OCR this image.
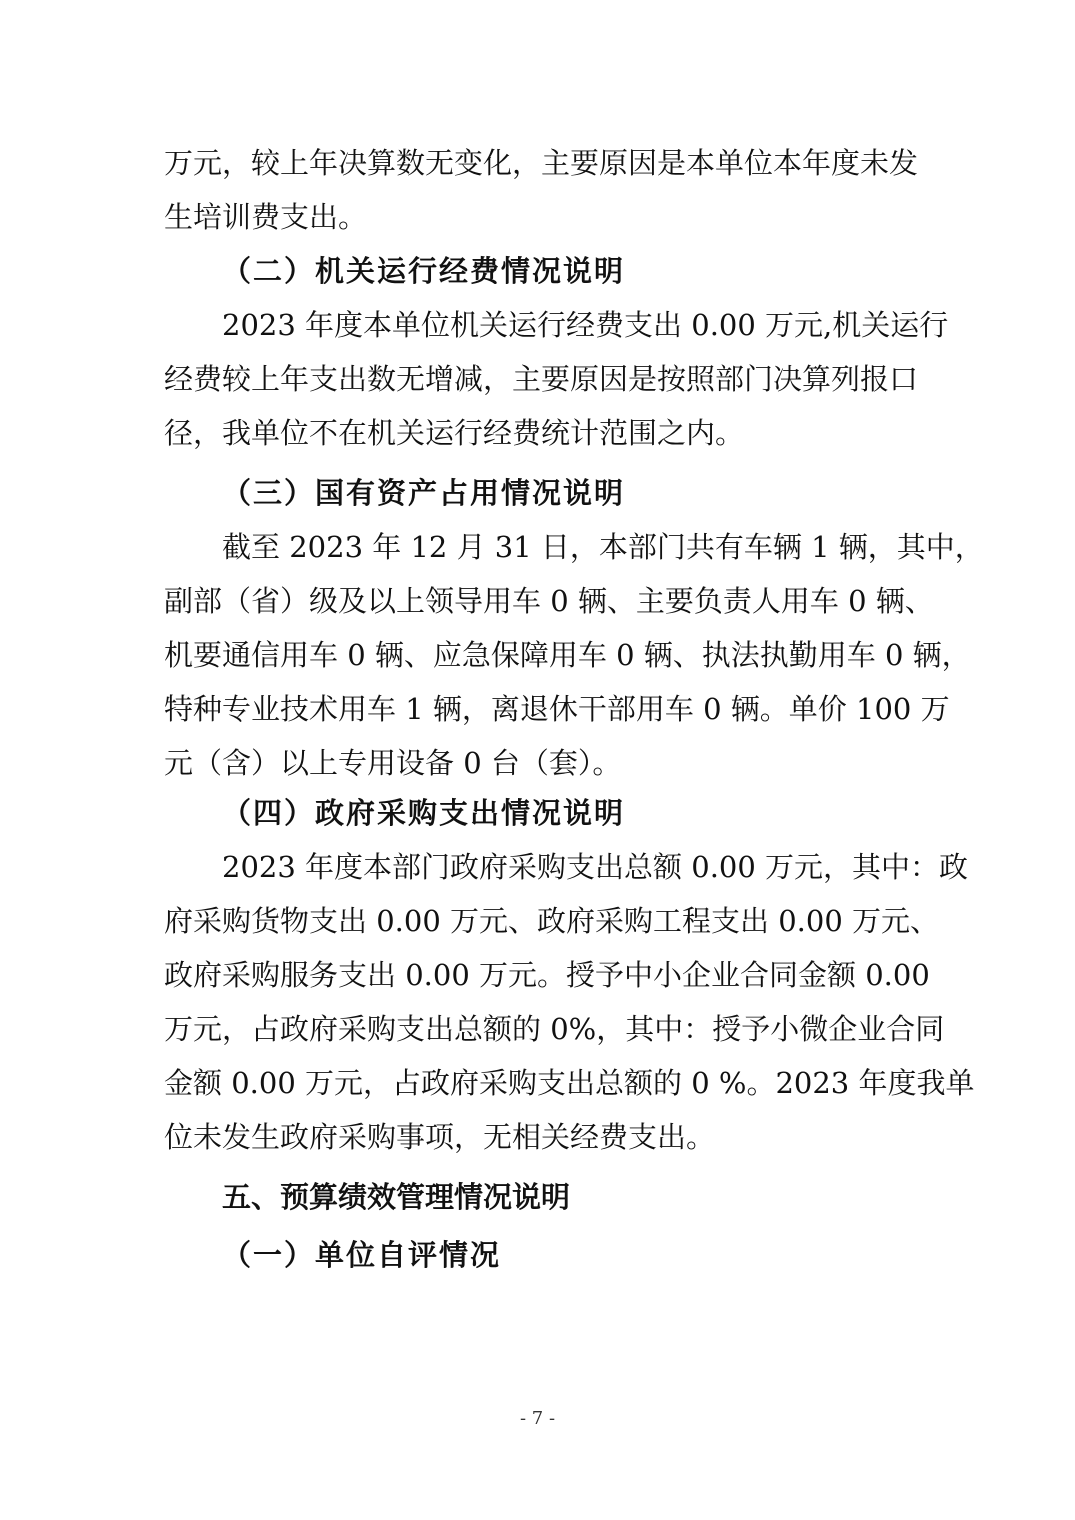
万元，较上年决算数无变化，主要原因是本单位本年度未发
生培训费支出。
（二）机关运行经费情况说明
2023 年度本单位机关运行经费支出 0.00 万元,机关运行
经费较上年支出数无增减，主要原因是按照部门决算列报口
径，我单位不在机关运行经费统计范围之内。
（三）国有资产占用情况说明
截至 2023 年 12 月 31 日，本部门共有车辆 1 辆，其中，
副部（省）级及以上领导用车 0 辆、主要负责人用车 0 辆、
机要通信用车 0 辆、应急保障用车 0 辆、执法执勤用车 0 辆，
特种专业技术用车 1 辆，离退休干部用车 0 辆。单价 100 万
元（含）以上专用设备 0 台（套）。
（四）政府采购支出情况说明
2023 年度本部门政府采购支出总额 0.00 万元，其中：政
府采购货物支出 0.00 万元、政府采购工程支出 0.00 万元、
政府采购服务支出 0.00 万元。授予中小企业合同金额 0.00
万元，占政府采购支出总额的 0%，其中：授予小微企业合同
金额 0.00 万元，占政府采购支出总额的 0 %。2023 年度我单
位未发生政府采购事项，无相关经费支出。
五、预算绩效管理情况说明
（一）单位自评情况
- 7 -
